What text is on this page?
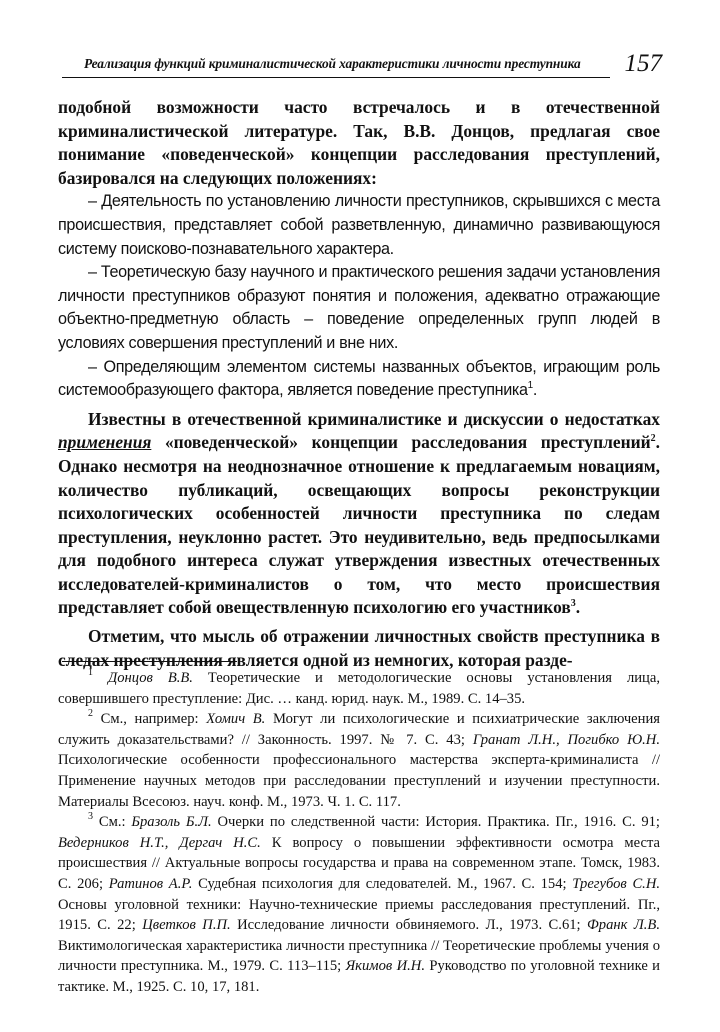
Реализация функций криминалистической характеристики личности преступника 157

подобной возможности часто встречалось и в отечественной криминалистической литературе. Так, В.В. Донцов, предлагая свое понимание «поведенческой» концепции расследования преступлений, базировался на следующих положениях:

– Деятельность по установлению личности преступников, скрывшихся с места происшествия, представляет собой разветвленную, динамично развивающуюся систему поисково-познавательного характера.

– Теоретическую базу научного и практического решения задачи установления личности преступников образуют понятия и положения, адекватно отражающие объектно-предметную область – поведение определенных групп людей в условиях совершения преступлений и вне них.

– Определяющим элементом системы названных объектов, играющим роль системообразующего фактора, является поведение преступника$^1$.

Известны в отечественной криминалистике и дискуссии о недостатках применения «поведенческой» концепции расследования преступлений$^2$. Однако несмотря на неоднозначное отношение к предлагаемым новациям, количество публикаций, освещающих вопросы реконструкции психологических особенностей личности преступника по следам преступления, неуклонно растет. Это неудивительно, ведь предпосылками для подобного интереса служат утверждения известных отечественных исследователей-криминалистов о том, что место происшествия представляет собой овеществленную психологию его участников$^3$.

Отметим, что мысль об отражении личностных свойств преступника в следах преступления является одной из немногих, которая разде-

$^1$ Донцов В.В. Теоретические и методологические основы установления лица, совершившего преступление: Дис. … канд. юрид. наук. М., 1989. С. 14–35.

$^2$ См., например: Хомич В. Могут ли психологические и психиатрические заключения служить доказательствами? // Законность. 1997. № 7. С. 43; Гранат Л.Н., Погибко Ю.Н. Психологические особенности профессионального мастерства эксперта-криминалиста // Применение научных методов при расследовании преступлений и изучении преступности. Материалы Всесоюз. науч. конф. М., 1973. Ч. 1. С. 117.

$^3$ См.: Бразоль Б.Л. Очерки по следственной части: История. Практика. Пг., 1916. С. 91; Ведерников Н.Т., Дергач Н.С. К вопросу о повышении эффективности осмотра места происшествия // Актуальные вопросы государства и права на современном этапе. Томск, 1983. С. 206; Ратинов А.Р. Судебная психология для следователей. М., 1967. С. 154; Трегубов С.Н. Основы уголовной техники: Научно-технические приемы расследования преступлений. Пг., 1915. С. 22; Цветков П.П. Исследование личности обвиняемого. Л., 1973. С.61; Франк Л.В. Виктимологическая характеристика личности преступника // Теоретические проблемы учения о личности преступника. М., 1979. С. 113–115; Якимов И.Н. Руководство по уголовной технике и тактике. М., 1925. С. 10, 17, 181.
